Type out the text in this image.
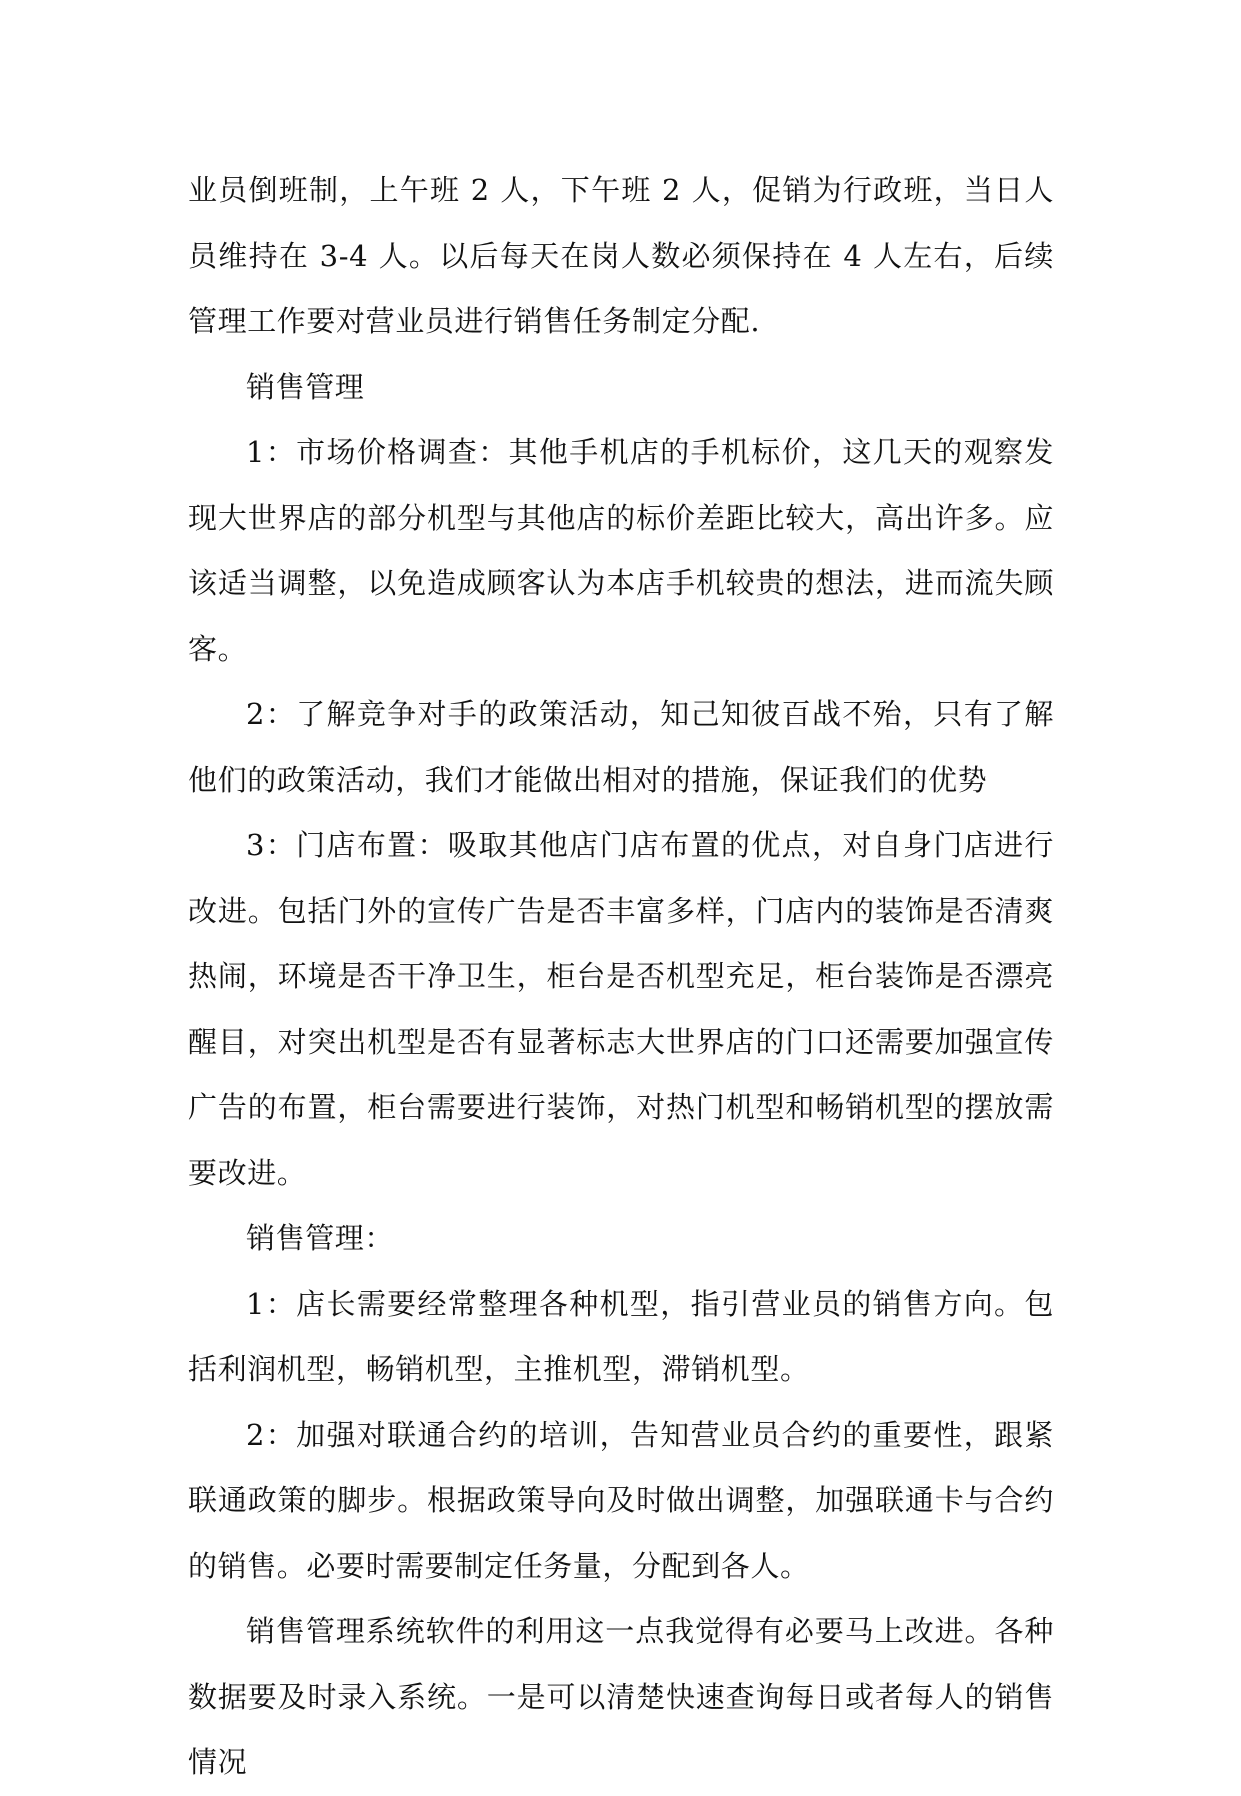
业员倒班制，上午班 2 人，下午班 2 人，促销为行政班，当日人员维持在 3-4 人。以后每天在岗人数必须保持在 4 人左右，后续管理工作要对营业员进行销售任务制定分配.

销售管理

1：市场价格调查：其他手机店的手机标价，这几天的观察发现大世界店的部分机型与其他店的标价差距比较大，高出许多。应该适当调整，以免造成顾客认为本店手机较贵的想法，进而流失顾客。

2：了解竞争对手的政策活动，知己知彼百战不殆，只有了解他们的政策活动，我们才能做出相对的措施，保证我们的优势

3：门店布置：吸取其他店门店布置的优点，对自身门店进行改进。包括门外的宣传广告是否丰富多样，门店内的装饰是否清爽热闹，环境是否干净卫生，柜台是否机型充足，柜台装饰是否漂亮醒目，对突出机型是否有显著标志大世界店的门口还需要加强宣传广告的布置，柜台需要进行装饰，对热门机型和畅销机型的摆放需要改进。

销售管理：

1：店长需要经常整理各种机型，指引营业员的销售方向。包括利润机型，畅销机型，主推机型，滞销机型。

2：加强对联通合约的培训，告知营业员合约的重要性，跟紧联通政策的脚步。根据政策导向及时做出调整，加强联通卡与合约的销售。必要时需要制定任务量，分配到各人。

销售管理系统软件的利用这一点我觉得有必要马上改进。各种数据要及时录入系统。一是可以清楚快速查询每日或者每人的销售情况
